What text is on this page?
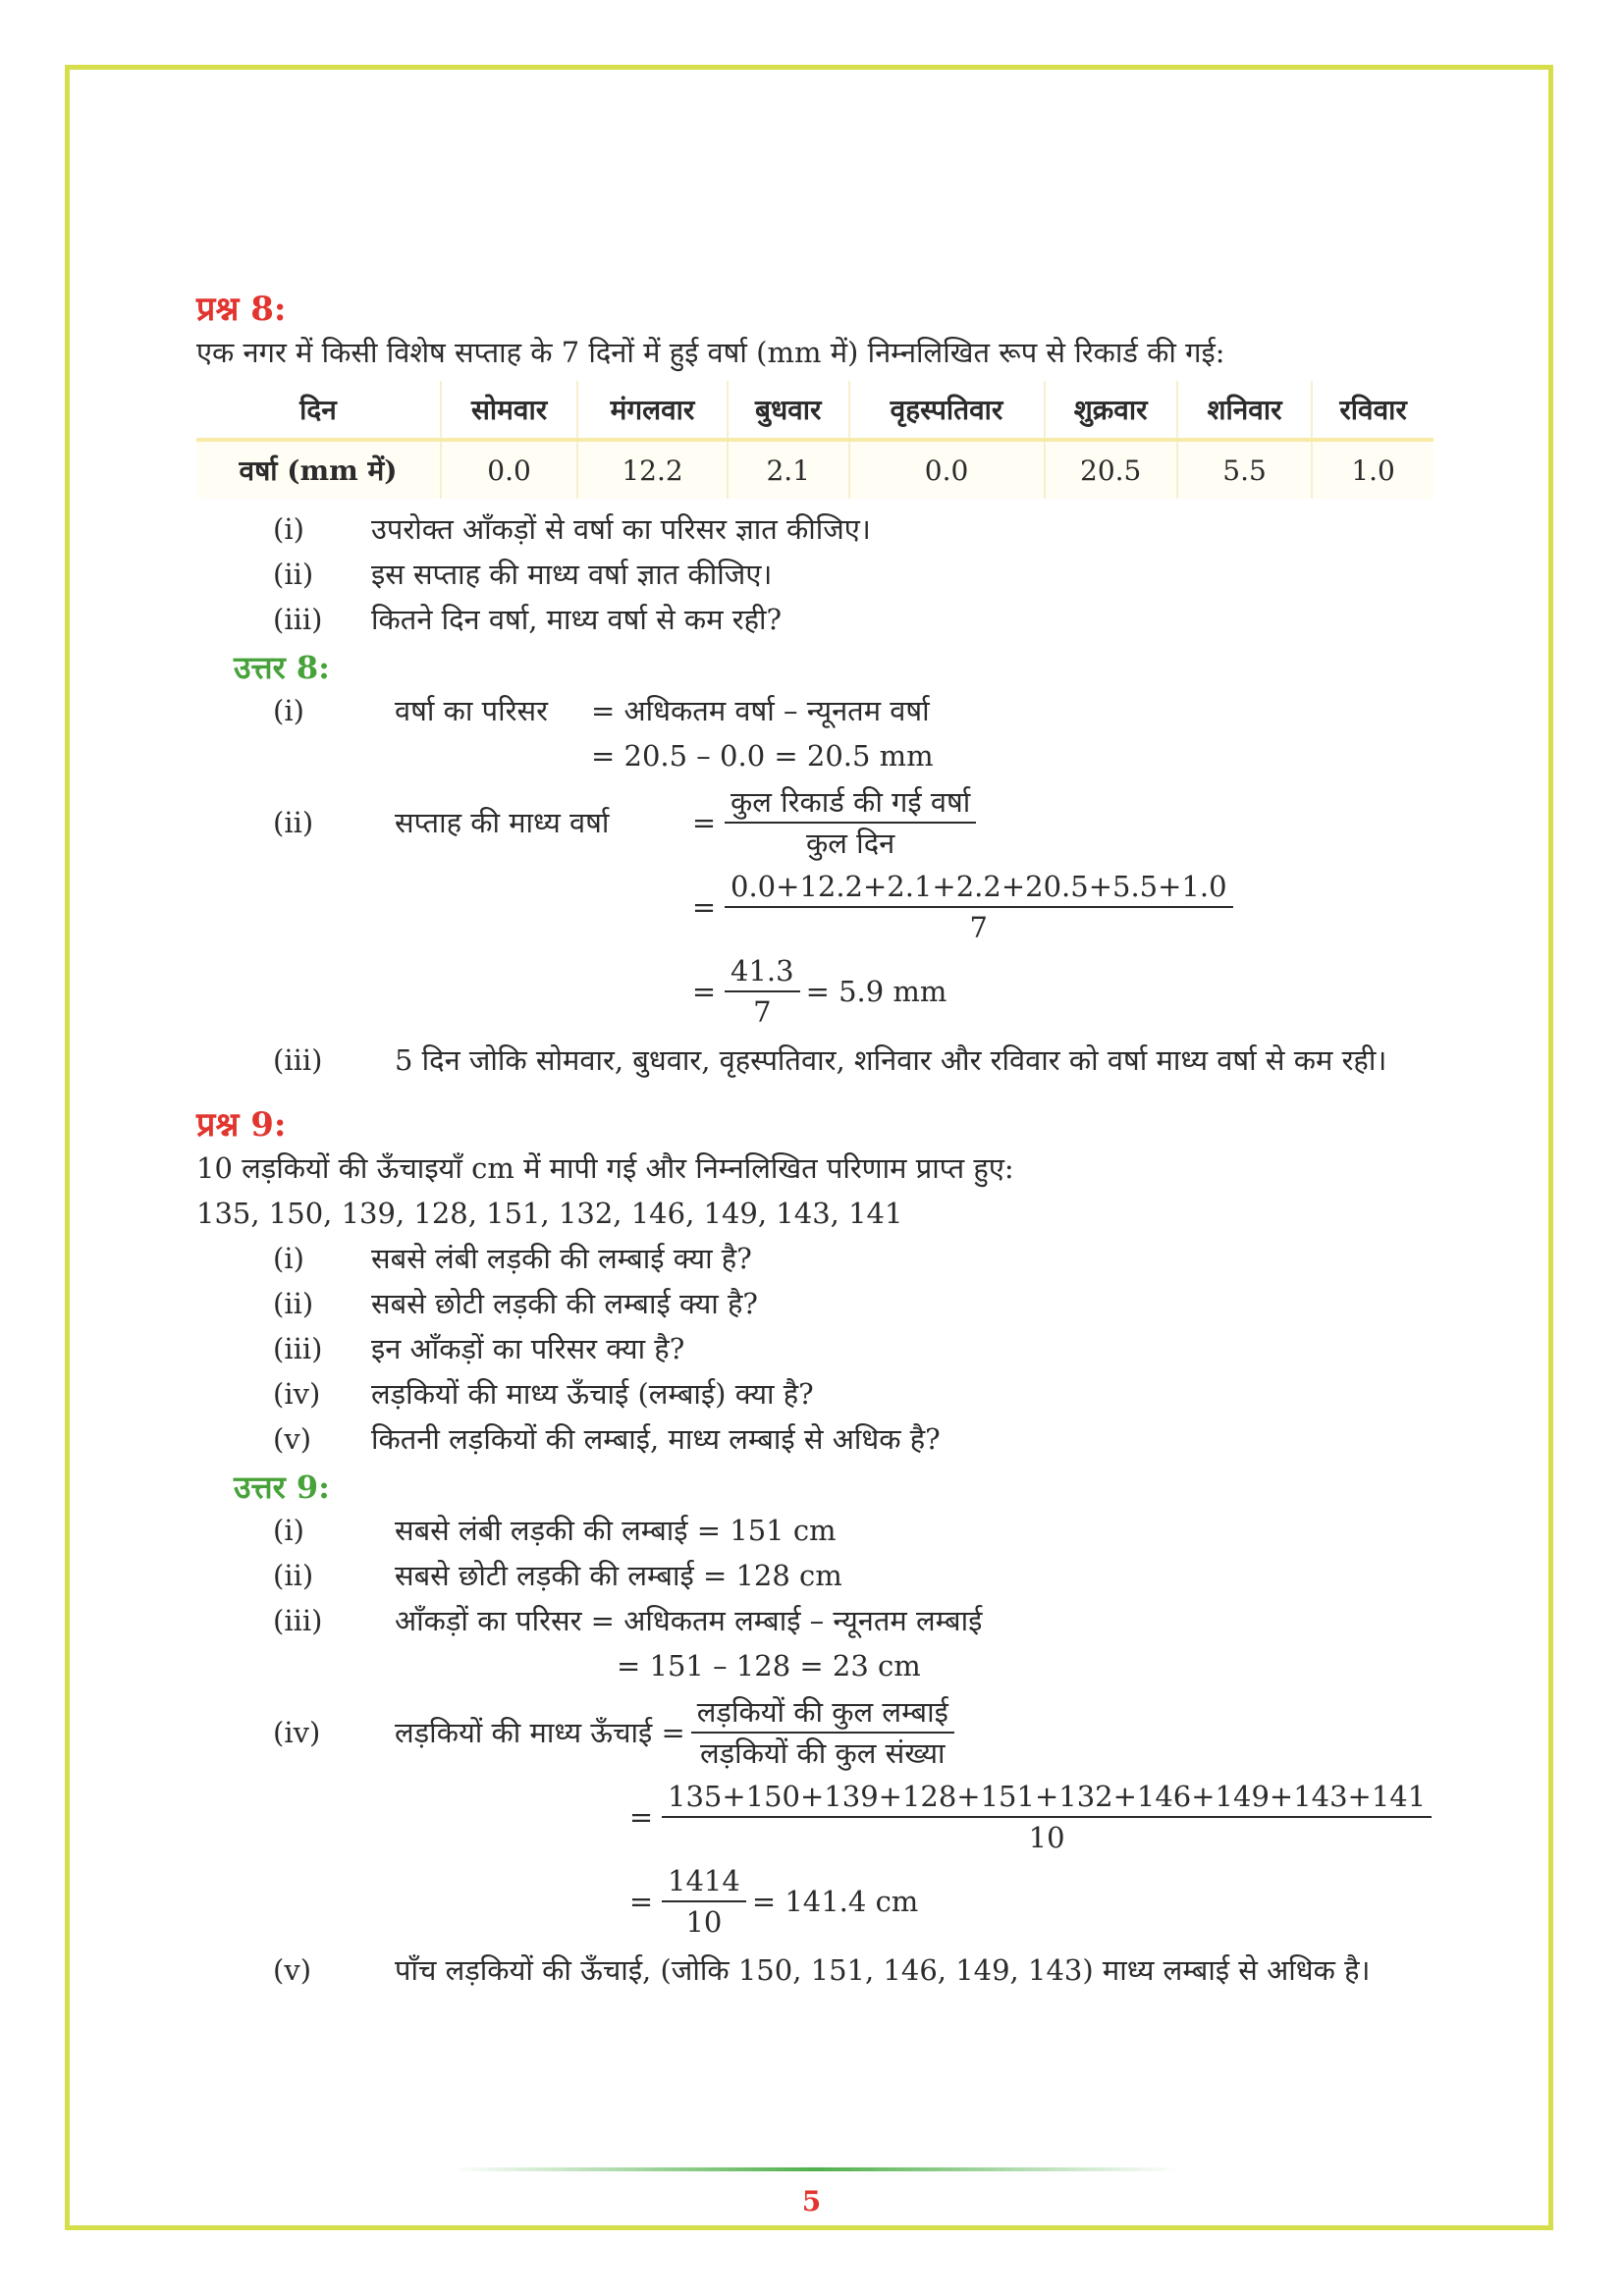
प्रश्न 8:

एक नगर में किसी विशेष सप्ताह के 7 दिनों में हुई वर्षा (mm में) निम्नलिखित रूप से रिकार्ड की गई:

दिन	सोमवार	मंगलवार	बुधवार	वृहस्पतिवार	शुक्रवार	शनिवार	रविवार
वर्षा (mm में)	0.0	12.2	2.1	0.0	20.5	5.5	1.0
(i)	उपरोक्त आँकड़ों से वर्षा का परिसर ज्ञात कीजिए।
(ii)	इस सप्ताह की माध्य वर्षा ज्ञात कीजिए।
(iii)	कितने दिन वर्षा, माध्य वर्षा से कम रही?

उत्तर 8:

(i)	वर्षा का परिसर	= अधिकतम वर्षा – न्यूनतम वर्षा
= 20.5 – 0.0 = 20.5 mm
(ii)	सप्ताह की माध्य वर्षा	= $\frac{\text{कुल रिकार्ड की गई वर्षा}}{\text{कुल दिन}}$
= $\frac{0.0+12.2+2.1+2.2+20.5+5.5+1.0}{7}$
= $\frac{41.3}{7} = 5.9$ mm
(iii)	5 दिन जोकि सोमवार, बुधवार, वृहस्पतिवार, शनिवार और रविवार को वर्षा माध्य वर्षा से कम रही।

प्रश्न 9:

10 लड़कियों की ऊँचाइयाँ cm में मापी गई और निम्नलिखित परिणाम प्राप्त हुए:

135, 150, 139, 128, 151, 132, 146, 149, 143, 141

(i)	सबसे लंबी लड़की की लम्बाई क्या है?
(ii)	सबसे छोटी लड़की की लम्बाई क्या है?
(iii)	इन आँकड़ों का परिसर क्या है?
(iv)	लड़कियों की माध्य ऊँचाई (लम्बाई) क्या है?
(v)	कितनी लड़कियों की लम्बाई, माध्य लम्बाई से अधिक है?

उत्तर 9:

(i)	सबसे लंबी लड़की की लम्बाई = 151 cm
(ii)	सबसे छोटी लड़की की लम्बाई = 128 cm
(iii)	आँकड़ों का परिसर = अधिकतम लम्बाई – न्यूनतम लम्बाई
= 151 – 128 = 23 cm
(iv)	लड़कियों की माध्य ऊँचाई = $\frac{\text{लड़कियों की कुल लम्बाई}}{\text{लड़कियों की कुल संख्या}}$
= $\frac{135+150+139+128+151+132+146+149+143+141}{10}$
= $\frac{1414}{10} = 141.4$ cm
(v)	पाँच लड़कियों की ऊँचाई, (जोकि 150, 151, 146, 149, 143) माध्य लम्बाई से अधिक है।
5
